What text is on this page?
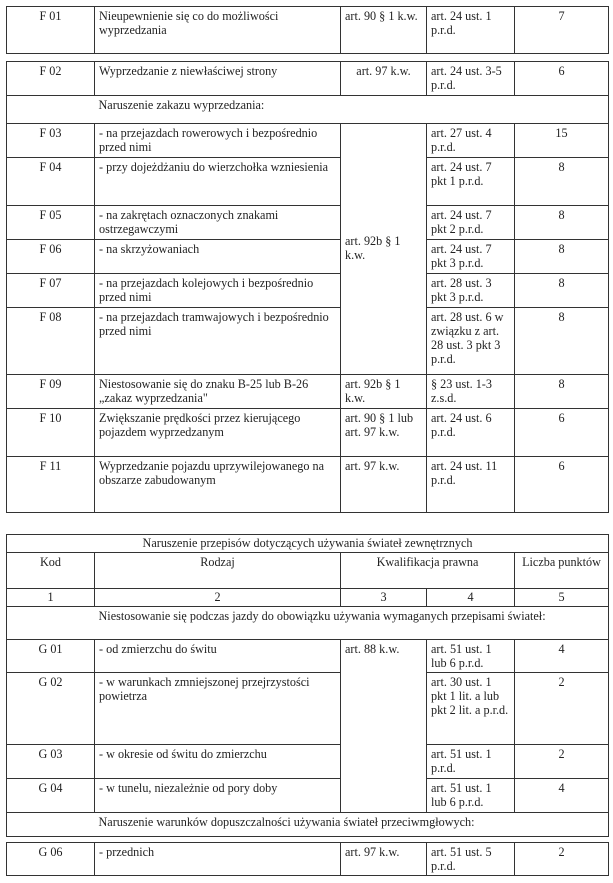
F 01	Nieupewnienie się co do możliwości wyprzedzania	art. 90 § 1 k.w.	art. 24 ust. 1 p.r.d.	7

F 02	Wyprzedzanie z niewłaściwej strony	art. 97 k.w.	art. 24 ust. 3-5 p.r.d.	6
	Naruszenie zakazu wyprzedzania:			
F 03	- na przejazdach rowerowych i bezpośrednio przed nimi	art. 92b § 1 k.w.	art. 27 ust. 4 p.r.d.	15
F 04	- przy dojeżdżaniu do wierzchołka wzniesienia		art. 24 ust. 7 pkt 1 p.r.d.	8
F 05	- na zakrętach oznaczonych znakami ostrzegawczymi		art. 24 ust. 7 pkt 2 p.r.d.	8
F 06	- na skrzyżowaniach		art. 24 ust. 7 pkt 3 p.r.d.	8
F 07	- na przejazdach kolejowych i bezpośrednio przed nimi		art. 28 ust. 3 pkt 3 p.r.d.	8
F 08	- na przejazdach tramwajowych i bezpośrednio przed nimi		art. 28 ust. 6 w związku z art. 28 ust. 3 pkt 3 p.r.d.	8
F 09	Niestosowanie się do znaku B-25 lub B-26 „zakaz wyprzedzania"	art. 92b § 1 k.w.	§ 23 ust. 1-3 z.s.d.	8
F 10	Zwiększanie prędkości przez kierującego pojazdem wyprzedzanym	art. 90 § 1 lub art. 97 k.w.	art. 24 ust. 6 p.r.d.	6
F 11	Wyprzedzanie pojazdu uprzywilejowanego na obszarze zabudowanym	art. 97 k.w.	art. 24 ust. 11 p.r.d.	6
Naruszenie przepisów dotyczących używania świateł zewnętrznych				
Kod	Rodzaj	Kwalifikacja prawna		Liczba punktów
1	2	3	4	5

	Niestosowanie się podczas jazdy do obowiązku używania wymaganych przepisami świateł:			

G 01	- od zmierzchu do świtu	art. 88 k.w.	art. 51 ust. 1 lub 6 p.r.d.	4
G 02	- w warunkach zmniejszonej przejrzystości powietrza		art. 30 ust. 1 pkt 1 lit. a lub pkt 2 lit. a p.r.d.	2
G 03	- w okresie od świtu do zmierzchu		art. 51 ust. 1 p.r.d.	2
G 04	- w tunelu, niezależnie od pory doby		art. 51 ust. 1 lub 6 p.r.d.	4
	Naruszenie warunków dopuszczalności używania świateł przeciwmgłowych:			

G 06	- przednich	art. 97 k.w.	art. 51 ust. 5 p.r.d.	2
